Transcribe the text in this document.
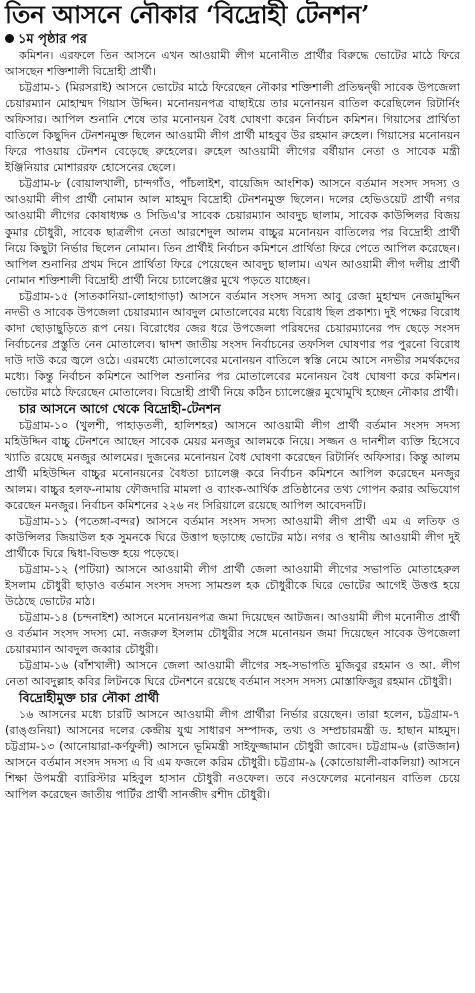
তিন আসনে নৌকার ‘বিদ্রোহী টেনশন’
১ম পৃষ্ঠার পর

কমিশন। এরফলে তিন আসনে এখন আওয়ামী লীগ মনোনীত প্রার্থীর বিরুদ্ধে ভোটের মাঠে ফিরে আসছেন শক্তিশালী বিদ্রোহী প্রার্থী।

চট্টগ্রাম-১ (মিরসরাই) আসনে ভোটের মাঠে ফিরেছেন নৌকার শক্তিশালী প্রতিদ্বন্দ্বী সাবেক উপজেলা চেয়ারম্যান মোহাম্মদ গিয়াস উদ্দিন। মনোনয়নপত্র বাছাইয়ে তার মনোনয়ন বাতিল করেছিলেন রিটার্নিং অফিসার। আপিল শুনানি শেষে তার মনোনয়ন বৈধ ঘোষণা করেন নির্বাচন কমিশন। গিয়াসের প্রার্থিতা বাতিলে কিছুদিন টেনশনমুক্ত ছিলেন আওয়ামী লীগ প্রার্থী মাহবুব উর রহমান রুহেল। গিয়াসের মনোনয়ন ফিরে পাওয়ায় টেনশন বেড়েছে রুহেলের। রুহেল আওয়ামী লীগের বর্ষীয়ান নেতা ও সাবেক মন্ত্রী ইঞ্জিনিয়ার মোশাররফ হোসেনের ছেলে।

চট্টগ্রাম-৮ (বোয়ালখালী, চান্দগাঁও, পাঁচলাইশ, বায়েজিদ আংশিক) আসনে বর্তমান সংসদ সদস্য ও আওয়ামী লীগ প্রার্থী নোমান আল মাহমুদ বিদ্রোহী টেনশনমুক্ত ছিলেন। দলের হেভিওয়েট প্রার্থী নগর আওয়ামী লীগের কোষাধ্যক্ষ ও সিডিএ'র সাবেক চেয়ারম্যান আবদুচ ছালাম, সাবেক কাউন্সিলর বিজয় কুমার চৌধুরী, সাবেক ছাত্রলীগ নেতা আরশেদুল আলম বাচ্চুর মনোনয়ন বাতিলের পর বিদ্রোহী প্রার্থী নিয়ে কিছুটা নির্ভার ছিলেন নোমান। তিন প্রার্থীই নির্বাচন কমিশনে প্রার্থিতা ফিরে পেতে আপিল করেছেন। আপিল শুনানির প্রথম দিনে প্রার্থিতা ফিরে পেয়েছেন আবদুচ ছালাম। এখন আওয়ামী লীগ দলীয় প্রার্থী নোমান শক্তিশালী বিদ্রোহী প্রার্থী নিয়ে চ্যালেঞ্জের মুখে পড়তে যাচ্ছেন।

চট্টগ্রাম-১৫ (সাতকানিয়া-লোহাগাড়া) আসনে বর্তমান সংসদ সদস্য আবু রেজা মুহাম্মদ নেজামুদ্দিন নদভী ও সাবেক উপজেলা চেয়ারম্যান আবদুল মোতালেবের মধ্যে বিরোধ ছিল প্রকাশ্য। দুই পক্ষের বিরোধ কাদা ছোড়াছুড়িতে রূপ নেয়। বিরোধের জের ধরে উপজেলা পরিষদের চেয়ারম্যানের পদ ছেড়ে সংসদ নির্বাচনের প্রস্তুতি নেন মোতালেব। দ্বাদশ জাতীয় সংসদ নির্বাচনের তফসিল ঘোষণার পর পুরনো বিরোধ দাউ দাউ করে জ্বলে ওঠে। এরমধ্যে মোতালেবের মনোনয়ন বাতিলে স্বস্তি নেমে আসে নদভীর সমর্থকদের মধ্যে। কিন্তু নির্বাচন কমিশনে আপিল শুনানির পর মোতালেবের মনোনয়ন বৈধ ঘোষণা করে কমিশন। ভোটের মাঠে ফিরেছেন মোতালেব। বিদ্রোহী প্রার্থী নিয়ে কঠিন চ্যালেঞ্জের মুখোমুখি হচ্ছেন নৌকার প্রার্থী।

চার আসনে আগে থেকে বিদ্রোহী-টেনশন

চট্টগ্রাম-১০ (খুলশী, পাহাড়তলী, হালিশহর) আসনে আওয়ামী লীগ প্রার্থী বর্তমান সংসদ সদস্য মহিউদ্দিন বাচ্চু টেনশনে আছেন সাবেক মেয়র মনজুর আলমকে নিয়ে। সজ্জন ও দানশীল ব্যক্তি হিসেবে খ্যাতি রয়েছে মনজুর আলমের। দুজনের মনোনয়ন বৈধ ঘোষণা করেছেন রিটার্নিং অফিসার। কিন্তু আলম প্রার্থী মহিউদ্দিন বাচ্চুর মনোনয়নের বৈধতা চ্যালেঞ্জ করে নির্বাচন কমিশনে আপিল করেছেন মনজুর আলম। বাচ্চুর হলফ-নামায় ফৌজদারি মামলা ও ব্যাংক-আর্থিক প্রতিষ্ঠানের তথ্য গোপন করার অভিযোগ করেছেন মনজুর। নির্বাচন কমিশনের ২২৬ নং সিরিয়ালে রয়েছে আপিল আবেদনটি।

চট্টগ্রাম-১১ (পতেঙ্গা-বন্দর) আসনে বর্তমান সংসদ সদস্য আওয়ামী লীগ প্রার্থী এম এ লতিফ ও কাউন্সিলর জিয়াউল হক সুমনকে ঘিরে উত্তাপ ছড়াচ্ছে ভোটের মাঠ। নগর ও স্থানীয় আওয়ামী লীগ দুই প্রার্থীকে ঘিরে দ্বিধা-বিভক্ত হয়ে পড়েছে।

চট্টগ্রাম-১২ (পটিয়া) আসনে আওয়ামী লীগ প্রার্থী জেলা আওয়ামী লীগের সভাপতি মোতাহেরুল ইসলাম চৌধুরী ছাড়াও বর্তমান সংসদ সদস্য সামশুল হক চৌধুরীকে ঘিরে ভোটের আগেই উত্তপ্ত হয়ে উঠেছে ভোটের মাঠ।

চট্টগ্রাম-১৪ (চন্দনাইশ) আসনে মনোনয়নপত্র জমা দিয়েছেন আটজন। আওয়ামী লীগ মনোনীত প্রার্থী ও বর্তমান সংসদ সদস্য মো. নজরুল ইসলাম চৌধুরীর সঙ্গে মনোনয়ন জমা দিয়েছেন সাবেক উপজেলা চেয়ারম্যান আবদুল জব্বার চৌধুরী।

চট্টগ্রাম-১৬ (বাঁশখালী) আসনে জেলা আওয়ামী লীগের সহ-সভাপতি মুজিবুর রহমান ও আ. লীগ নেতা আবদুল্লাহ কবির লিটনকে ঘিরে টেনশনে রয়েছে বর্তমান সংসদ সদস্য মোস্তাফিজুর রহমান চৌধুরী।

বিদ্রোহীমুক্ত চার নৌকা প্রার্থী

১৬ আসনের মধ্যে চারটি আসনে আওয়ামী লীগ প্রার্থীরা নির্ভার রয়েছেন। তারা হলেন, চট্টগ্রাম-৭ (রাঙ্গুনিয়া) আসনের দলের কেন্দ্রীয় যুগ্ম সাধারণ সম্পাদক, তথ্য ও সম্প্রচারমন্ত্রী ড. হাছান মাহমুদ। চট্টগ্রাম-১৩ (আনোয়ারা-কর্ণফুলী) আসনে ভূমিমন্ত্রী সাইফুজ্জামান চৌধুরী জাবেদ। চট্টগ্রাম-৬ (রাউজান) আসনে বর্তমান সংসদ সদস্য এ বি এম ফজলে করিম চৌধুরী। চট্টগ্রাম-৯ (কোতোয়ালী-বাকলিয়া) আসনে শিক্ষা উপমন্ত্রী ব্যারিস্টার মহিবুল হাসান চৌধুরী নওফেল। তবে নওফেলের মনোনয়ন বাতিল চেয়ে আপিল করেছেন জাতীয় পার্টির প্রার্থী সানজীদ রশীদ চৌধুরী।
